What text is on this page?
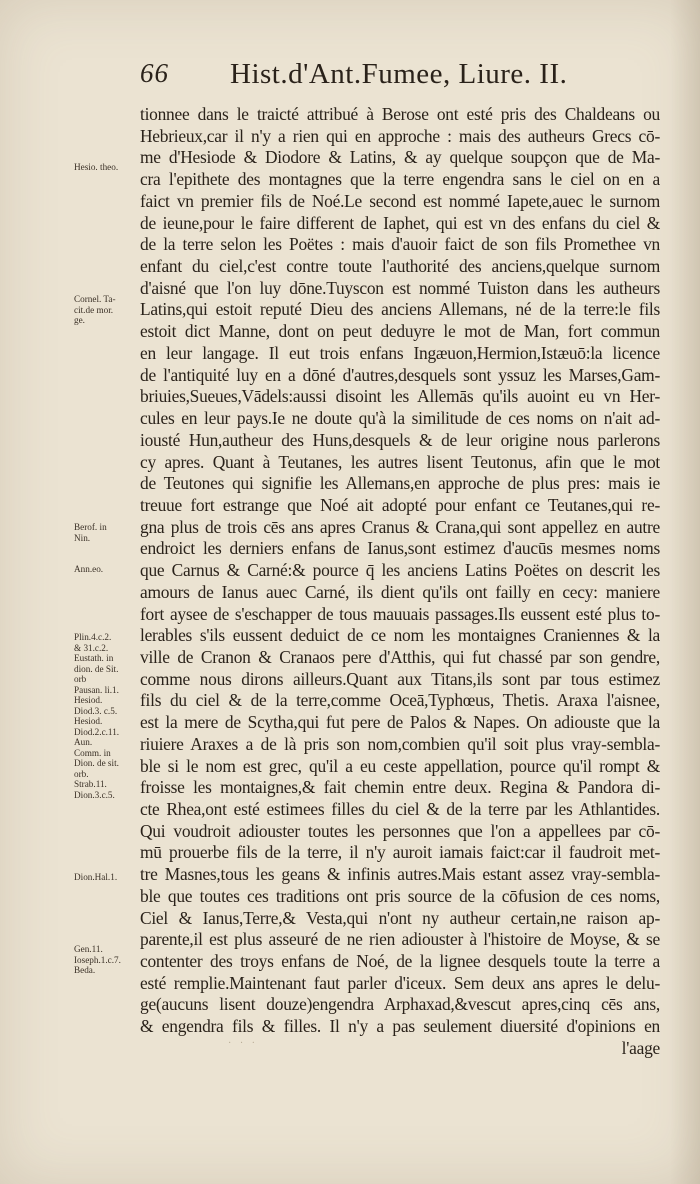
66 Hist.d'Ant.Fumee, Liure. II.
Hesio. theo.
Cornel. Ta-
cit.de mor.
ge.
Berof. in
Nin.
Ann.eo.
Plin.4.c.2.
& 31.c.2.
Eustath. in
dion. de Sit.
orb
Pausan. li.1.
Hesiod.
Diod.3. c.5.
Hesiod.
Diod.2.c.11.
Aun.
Comm. in
Dion. de sit.
orb.
Strab.11.
Dion.3.c.5.
Dion.Hal.1.
Gen.11.
Ioseph.1.c.7.
Beda.
tionnee dans le traicté attribué à Berose ont esté pris des Chaldeans ou
Hebrieux,car il n'y a rien qui en approche : mais des autheurs Grecs cō-
me d'Hesiode & Diodore & Latins, & ay quelque soupçon que de Ma-
cra l'epithete des montagnes que la terre engendra sans le ciel on en a
faict vn premier fils de Noé.Le second est nommé Iapete,auec le surnom
de ieune,pour le faire different de Iaphet, qui est vn des enfans du ciel &
de la terre selon les Poëtes : mais d'auoir faict de son fils Promethee vn
enfant du ciel,c'est contre toute l'authorité des anciens,quelque surnom
d'aisné que l'on luy dōne.Tuyscon est nommé Tuiston dans les autheurs
Latins,qui estoit reputé Dieu des anciens Allemans, né de la terre:le fils
estoit dict Manne, dont on peut deduyre le mot de Man, fort commun
en leur langage. Il eut trois enfans Ingæuon,Hermion,Istæuō:la licence
de l'antiquité luy en a dōné d'autres,desquels sont yssuz les Marses,Gam-
briuies,Sueues,Vādels:aussi disoint les Allemās qu'ils auoint eu vn Her-
cules en leur pays.Ie ne doute qu'à la similitude de ces noms on n'ait ad-
iousté Hun,autheur des Huns,desquels & de leur origine nous parlerons
cy apres. Quant à Teutanes, les autres lisent Teutonus, afin que le mot
de Teutones qui signifie les Allemans,en approche de plus pres: mais ie
treuue fort estrange que Noé ait adopté pour enfant ce Teutanes,qui re-
gna plus de trois cēs ans apres Cranus & Crana,qui sont appellez en autre
endroict les derniers enfans de Ianus,sont estimez d'aucūs mesmes noms
que Carnus & Carné:& pource q̄ les anciens Latins Poëtes on descrit les
amours de Ianus auec Carné, ils dient qu'ils ont failly en cecy: maniere
fort aysee de s'eschapper de tous mauuais passages.Ils eussent esté plus to-
lerables s'ils eussent deduict de ce nom les montaignes Craniennes & la
ville de Cranon & Cranaos pere d'Atthis, qui fut chassé par son gendre,
comme nous dirons ailleurs.Quant aux Titans,ils sont par tous estimez
fils du ciel & de la terre,comme Oceā,Typhœus, Thetis. Araxa l'aisnee,
est la mere de Scytha,qui fut pere de Palos & Napes. On adiouste que la
riuiere Araxes a de là pris son nom,combien qu'il soit plus vray-sembla-
ble si le nom est grec, qu'il a eu ceste appellation, pource qu'il rompt &
froisse les montaignes,& fait chemin entre deux. Regina & Pandora di-
cte Rhea,ont esté estimees filles du ciel & de la terre par les Athlantides.
Qui voudroit adiouster toutes les personnes que l'on a appellees par cō-
mū prouerbe fils de la terre, il n'y auroit iamais faict:car il faudroit met-
tre Masnes,tous les geans & infinis autres.Mais estant assez vray-sembla-
ble que toutes ces traditions ont pris source de la cōfusion de ces noms,
Ciel & Ianus,Terre,& Vesta,qui n'ont ny autheur certain,ne raison ap-
parente,il est plus asseuré de ne rien adiouster à l'histoire de Moyse, & se
contenter des troys enfans de Noé, de la lignee desquels toute la terre a
esté remplie.Maintenant faut parler d'iceux. Sem deux ans apres le delu-
ge(aucuns lisent douze)engendra Arphaxad,&vescut apres,cinq cēs ans,
& engendra fils & filles. Il n'y a pas seulement diuersité d'opinions en
l'aage
· · ·
